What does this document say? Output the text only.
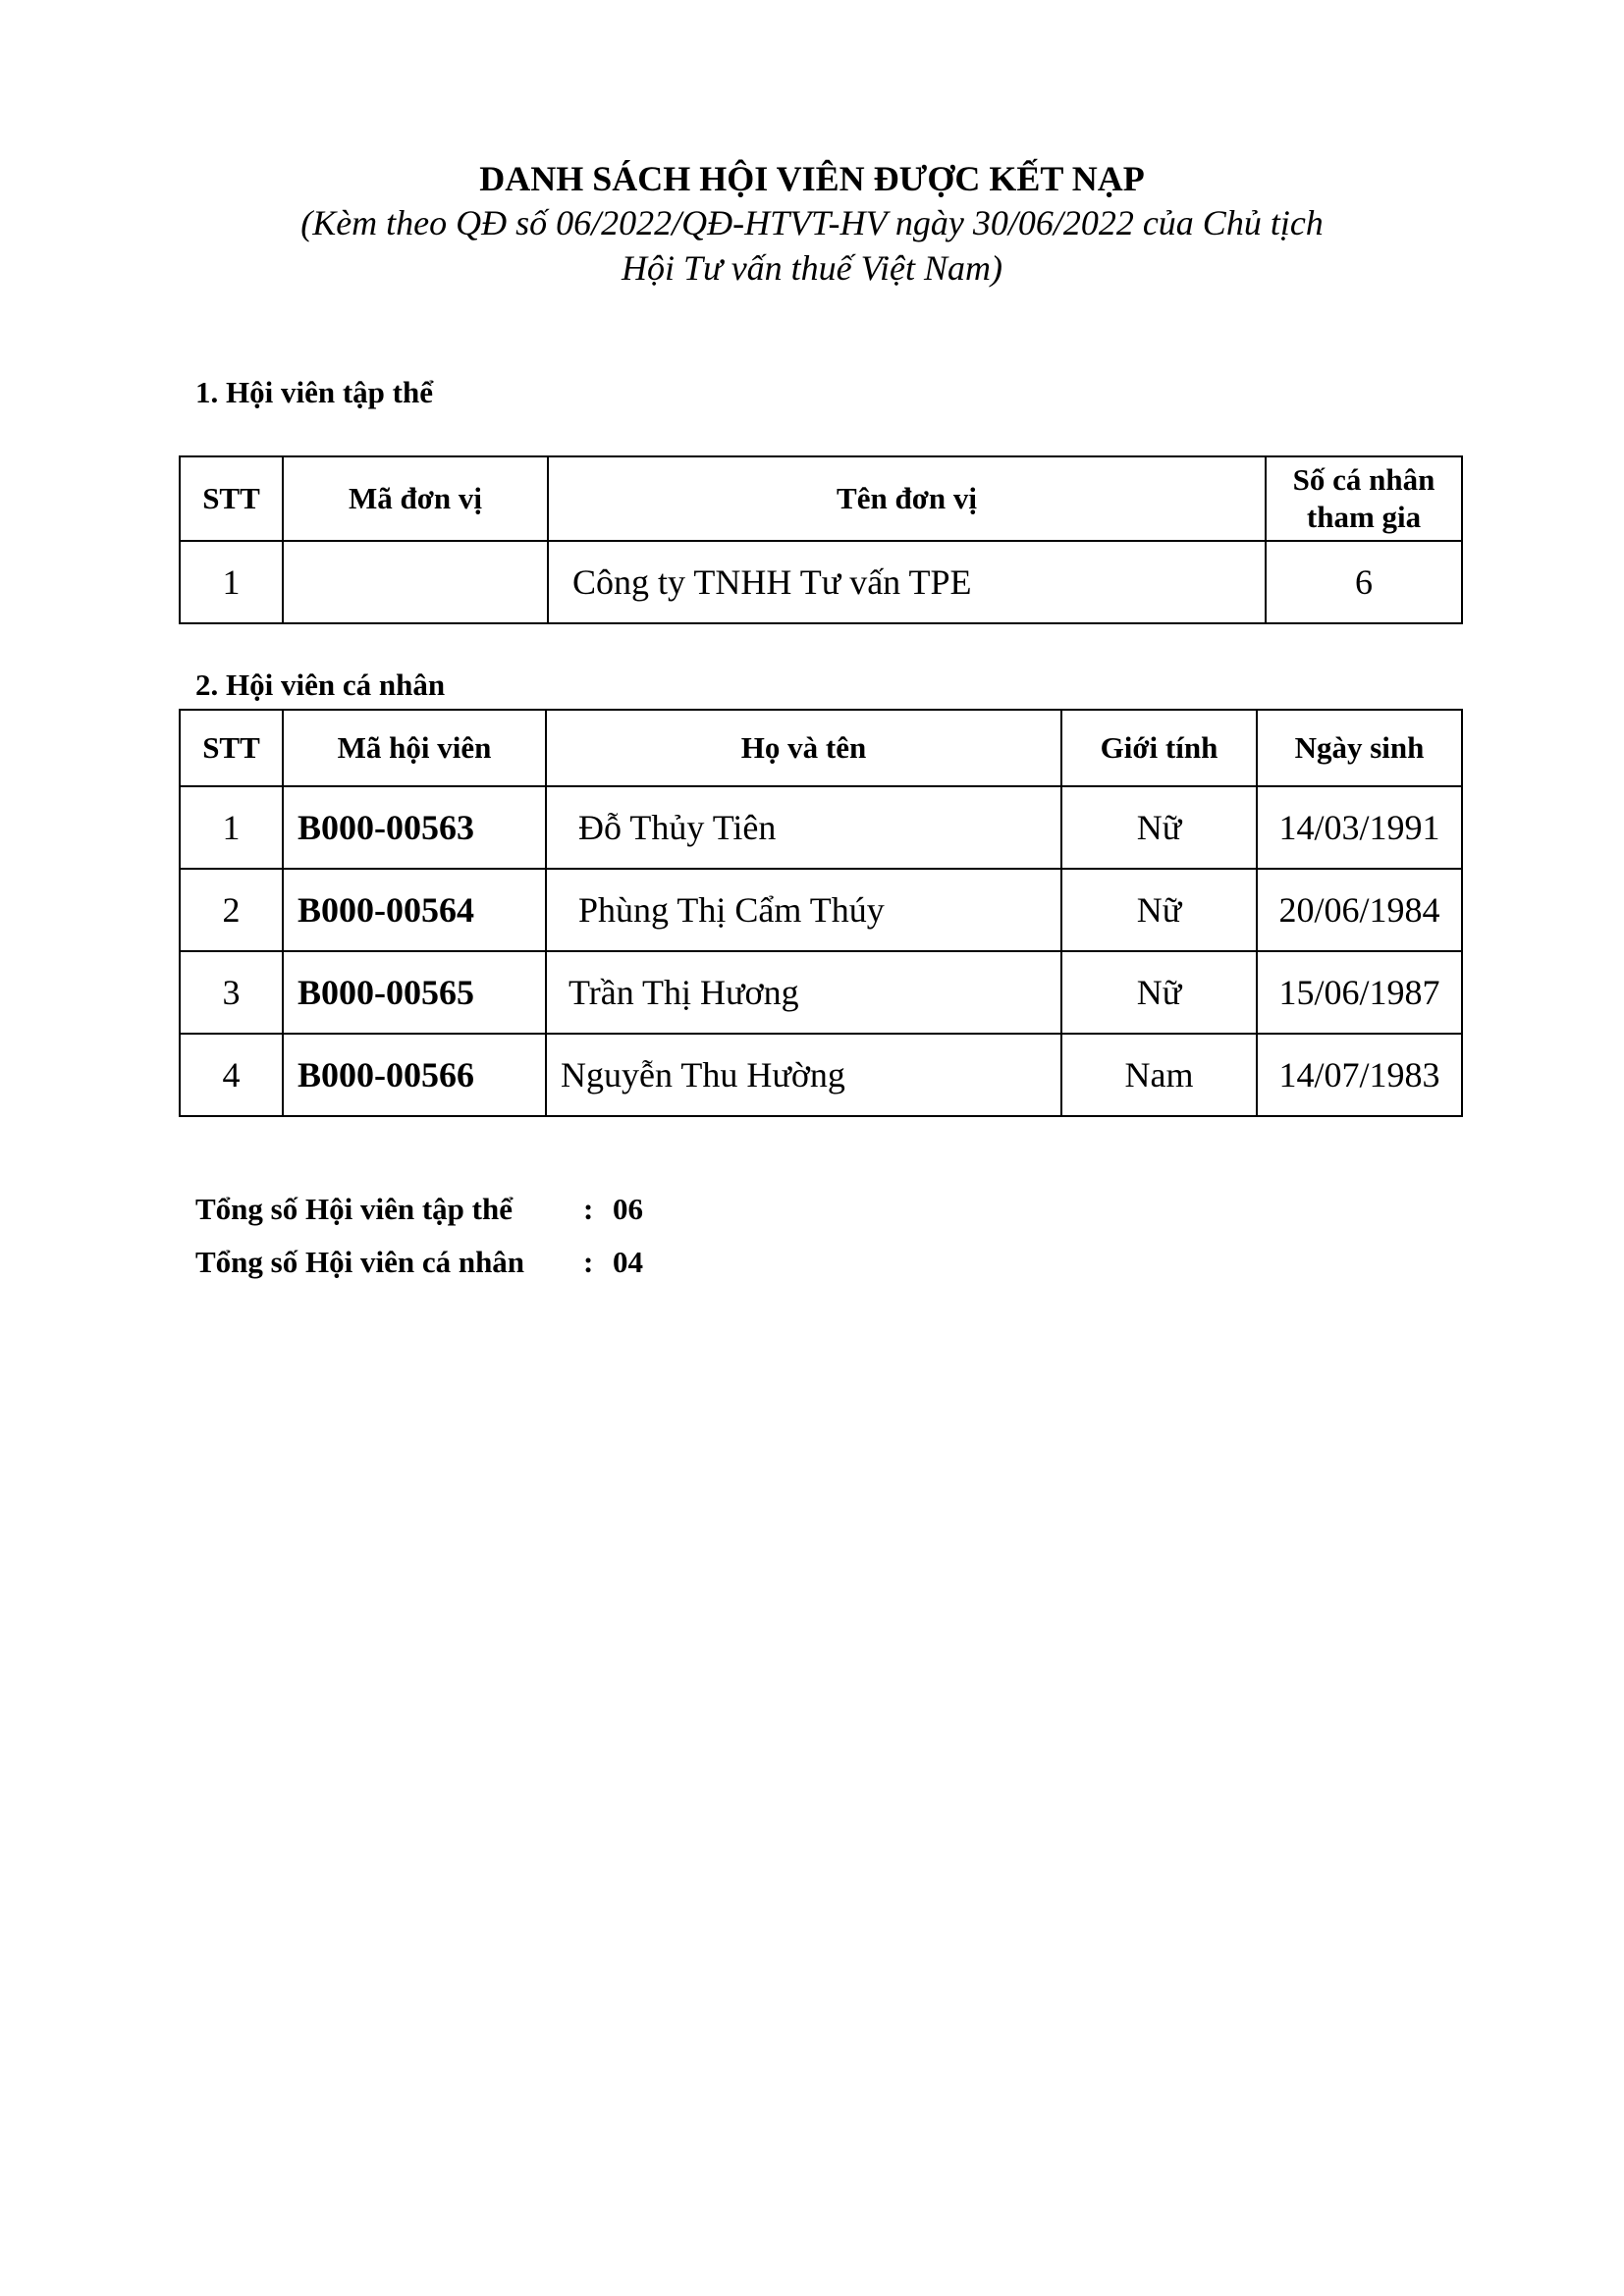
DANH SÁCH HỘI VIÊN ĐƯỢC KẾT NẠP

(Kèm theo QĐ số 06/2022/QĐ-HTVT-HV ngày 30/06/2022 của Chủ tịch
Hội Tư vấn thuế Việt Nam)

1. Hội viên tập thể
STT	Mã đơn vị	Tên đơn vị	Số cá nhân
tham gia

1		Công ty TNHH Tư vấn TPE	6
2. Hội viên cá nhân
STT	Mã hội viên	Họ và tên	Giới tính	Ngày sinh
1	B000-00563	Đỗ Thủy Tiên	Nữ	14/03/1991
2	B000-00564	Phùng Thị Cẩm Thúy	Nữ	20/06/1984
3	B000-00565	Trần Thị Hương	Nữ	15/06/1987
4	B000-00566	Nguyễn Thu Hường	Nam	14/07/1983
Tổng số Hội viên tập thể : 06
Tổng số Hội viên cá nhân : 04
